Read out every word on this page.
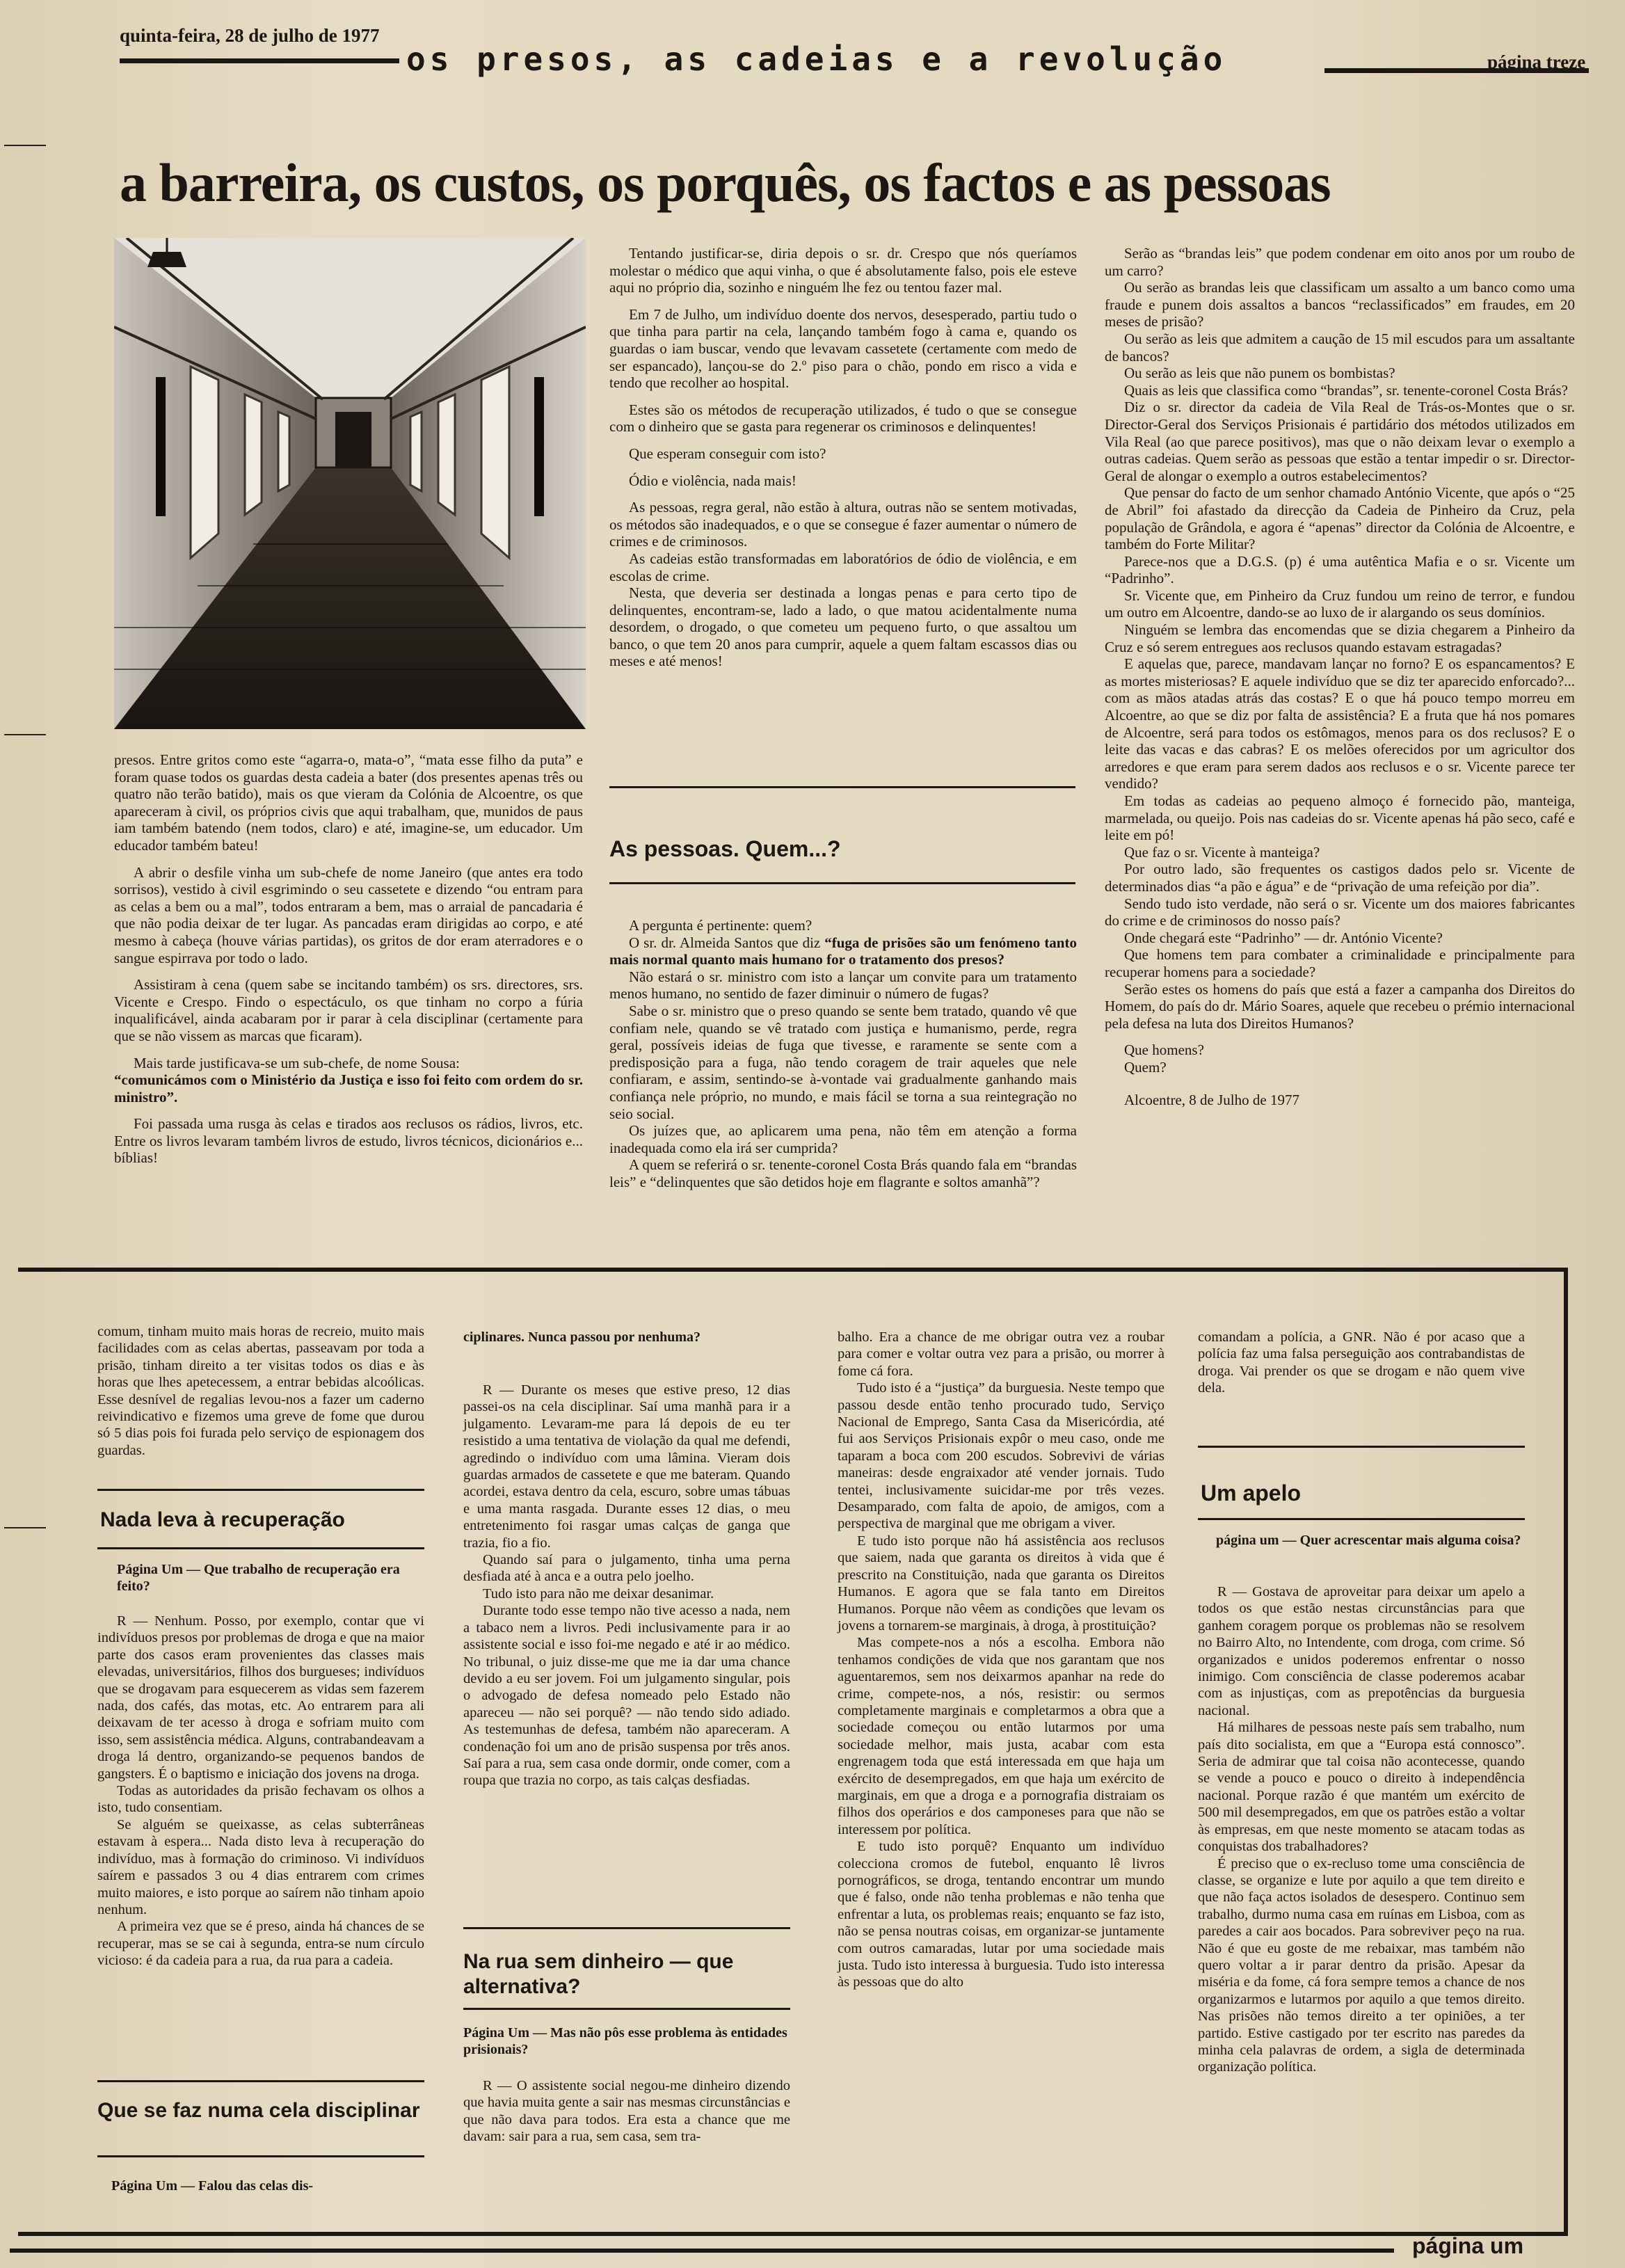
quinta-feira, 28 de julho de 1977
os presos, as cadeias e a revolução	página treze
a barreira, os custos, os porquês, os factos e as pessoas

presos. Entre gritos como este “agarra-o, mata-o”, “mata esse filho da puta” e foram quase todos os guardas desta cadeia a bater (dos presentes apenas três ou quatro não terão batido), mais os que vieram da Colónia de Alcoentre, os que apareceram à civil, os próprios civis que aqui trabalham, que, munidos de paus iam também batendo (nem todos, claro) e até, imagine-se, um educador. Um educador também bateu!

A abrir o desfile vinha um sub-chefe de nome Janeiro (que antes era todo sorrisos), vestido à civil esgrimindo o seu cassetete e dizendo “ou entram para as celas a bem ou a mal”, todos entraram a bem, mas o arraial de pancadaria é que não podia deixar de ter lugar. As pancadas eram dirigidas ao corpo, e até mesmo à cabeça (houve várias partidas), os gritos de dor eram aterradores e o sangue espirrava por todo o lado.

Assistiram à cena (quem sabe se incitando também) os srs. directores, srs. Vicente e Crespo. Findo o espectáculo, os que tinham no corpo a fúria inqualificável, ainda acabaram por ir parar à cela disciplinar (certamente para que se não vissem as marcas que ficaram).

Mais tarde justificava-se um sub-chefe, de nome Sousa:

“comunicámos com o Ministério da Justiça e isso foi feito com ordem do sr. ministro”.

Foi passada uma rusga às celas e tirados aos reclusos os rádios, livros, etc. Entre os livros levaram também livros de estudo, livros técnicos, dicionários e... bíblias!

Tentando justificar-se, diria depois o sr. dr. Crespo que nós queríamos molestar o médico que aqui vinha, o que é absolutamente falso, pois ele esteve aqui no próprio dia, sozinho e ninguém lhe fez ou tentou fazer mal.

Em 7 de Julho, um indivíduo doente dos nervos, desesperado, partiu tudo o que tinha para partir na cela, lançando também fogo à cama e, quando os guardas o iam buscar, vendo que levavam cassetete (certamente com medo de ser espancado), lançou-se do 2.º piso para o chão, pondo em risco a vida e tendo que recolher ao hospital.

Estes são os métodos de recuperação utilizados, é tudo o que se consegue com o dinheiro que se gasta para regenerar os criminosos e delinquentes!

Que esperam conseguir com isto?

Ódio e violência, nada mais!

As pessoas, regra geral, não estão à altura, outras não se sentem motivadas, os métodos são inadequados, e o que se consegue é fazer aumentar o número de crimes e de criminosos.

As cadeias estão transformadas em laboratórios de ódio de violência, e em escolas de crime.

Nesta, que deveria ser destinada a longas penas e para certo tipo de delinquentes, encontram-se, lado a lado, o que matou acidentalmente numa desordem, o drogado, o que cometeu um pequeno furto, o que assaltou um banco, o que tem 20 anos para cumprir, aquele a quem faltam escassos dias ou meses e até menos!

As pessoas. Quem...?

A pergunta é pertinente: quem?

O sr. dr. Almeida Santos que diz “fuga de prisões são um fenómeno tanto mais normal quanto mais humano for o tratamento dos presos?

Não estará o sr. ministro com isto a lançar um convite para um tratamento menos humano, no sentido de fazer diminuir o número de fugas?

Sabe o sr. ministro que o preso quando se sente bem tratado, quando vê que confiam nele, quando se vê tratado com justiça e humanismo, perde, regra geral, possíveis ideias de fuga que tivesse, e raramente se sente com a predisposição para a fuga, não tendo coragem de trair aqueles que nele confiaram, e assim, sentindo-se à-vontade vai gradualmente ganhando mais confiança nele próprio, no mundo, e mais fácil se torna a sua reintegração no seio social.

Os juízes que, ao aplicarem uma pena, não têm em atenção a forma inadequada como ela irá ser cumprida?

A quem se referirá o sr. tenente-coronel Costa Brás quando fala em “brandas leis” e “delinquentes que são detidos hoje em flagrante e soltos amanhã”?

Serão as “brandas leis” que podem condenar em oito anos por um roubo de um carro?

Ou serão as brandas leis que classificam um assalto a um banco como uma fraude e punem dois assaltos a bancos “reclassificados” em fraudes, em 20 meses de prisão?

Ou serão as leis que admitem a caução de 15 mil escudos para um assaltante de bancos?

Ou serão as leis que não punem os bombistas?

Quais as leis que classifica como “brandas”, sr. tenente-coronel Costa Brás?

Diz o sr. director da cadeia de Vila Real de Trás-os-Montes que o sr. Director-Geral dos Serviços Prisionais é partidário dos métodos utilizados em Vila Real (ao que parece positivos), mas que o não deixam levar o exemplo a outras cadeias. Quem serão as pessoas que estão a tentar impedir o sr. Director-Geral de alongar o exemplo a outros estabelecimentos?

Que pensar do facto de um senhor chamado António Vicente, que após o “25 de Abril” foi afastado da direcção da Cadeia de Pinheiro da Cruz, pela população de Grândola, e agora é “apenas” director da Colónia de Alcoentre, e também do Forte Militar?

Parece-nos que a D.G.S. (p) é uma autêntica Mafia e o sr. Vicente um “Padrinho”.

Sr. Vicente que, em Pinheiro da Cruz fundou um reino de terror, e fundou um outro em Alcoentre, dando-se ao luxo de ir alargando os seus domínios.

Ninguém se lembra das encomendas que se dizia chegarem a Pinheiro da Cruz e só serem entregues aos reclusos quando estavam estragadas?

E aquelas que, parece, mandavam lançar no forno? E os espancamentos? E as mortes misteriosas? E aquele indivíduo que se diz ter aparecido enforcado?... com as mãos atadas atrás das costas? E o que há pouco tempo morreu em Alcoentre, ao que se diz por falta de assistência? E a fruta que há nos pomares de Alcoentre, será para todos os estômagos, menos para os dos reclusos? E o leite das vacas e das cabras? E os melões oferecidos por um agricultor dos arredores e que eram para serem dados aos reclusos e o sr. Vicente parece ter vendido?

Em todas as cadeias ao pequeno almoço é fornecido pão, manteiga, marmelada, ou queijo. Pois nas cadeias do sr. Vicente apenas há pão seco, café e leite em pó!

Que faz o sr. Vicente à manteiga?

Por outro lado, são frequentes os castigos dados pelo sr. Vicente de determinados dias “a pão e água” e de “privação de uma refeição por dia”.

Sendo tudo isto verdade, não será o sr. Vicente um dos maiores fabricantes do crime e de criminosos do nosso país?

Onde chegará este “Padrinho” — dr. António Vicente?

Que homens tem para combater a criminalidade e principalmente para recuperar homens para a sociedade?

Serão estes os homens do país que está a fazer a campanha dos Direitos do Homem, do país do dr. Mário Soares, aquele que recebeu o prémio internacional pela defesa na luta dos Direitos Humanos?

Que homens?

Quem?

Alcoentre, 8 de Julho de 1977

comum, tinham muito mais horas de recreio, muito mais facilidades com as celas abertas, passeavam por toda a prisão, tinham direito a ter visitas todos os dias e às horas que lhes apetecessem, a entrar bebidas alcoólicas. Esse desnível de regalias levou-nos a fazer um caderno reivindicativo e fizemos uma greve de fome que durou só 5 dias pois foi furada pelo serviço de espionagem dos guardas.

Nada leva à recuperação
Página Um — Que trabalho de recuperação era feito?

R — Nenhum. Posso, por exemplo, contar que vi indivíduos presos por problemas de droga e que na maior parte dos casos eram provenientes das classes mais elevadas, universitários, filhos dos burgueses; indivíduos que se drogavam para esquecerem as vidas sem fazerem nada, dos cafés, das motas, etc. Ao entrarem para ali deixavam de ter acesso à droga e sofriam muito com isso, sem assistência médica. Alguns, contrabandeavam a droga lá dentro, organizando-se pequenos bandos de gangsters. É o baptismo e iniciação dos jovens na droga.

Todas as autoridades da prisão fechavam os olhos a isto, tudo consentiam.

Se alguém se queixasse, as celas subterrâneas estavam à espera... Nada disto leva à recuperação do indivíduo, mas à formação do criminoso. Vi indivíduos saírem e passados 3 ou 4 dias entrarem com crimes muito maiores, e isto porque ao saírem não tinham apoio nenhum.

A primeira vez que se é preso, ainda há chances de se recuperar, mas se se cai à segunda, entra-se num círculo vicioso: é da cadeia para a rua, da rua para a cadeia.

Que se faz numa cela disciplinar
Página Um — Falou das celas dis-
ciplinares. Nunca passou por nenhuma?

R — Durante os meses que estive preso, 12 dias passei-os na cela disciplinar. Saí uma manhã para ir a julgamento. Levaram-me para lá depois de eu ter resistido a uma tentativa de violação da qual me defendi, agredindo o indivíduo com uma lâmina. Vieram dois guardas armados de cassetete e que me bateram. Quando acordei, estava dentro da cela, escuro, sobre umas tábuas e uma manta rasgada. Durante esses 12 dias, o meu entretenimento foi rasgar umas calças de ganga que trazia, fio a fio.

Quando saí para o julgamento, tinha uma perna desfiada até à anca e a outra pelo joelho.

Tudo isto para não me deixar desanimar.

Durante todo esse tempo não tive acesso a nada, nem a tabaco nem a livros. Pedi inclusivamente para ir ao assistente social e isso foi-me negado e até ir ao médico. No tribunal, o juiz disse-me que me ia dar uma chance devido a eu ser jovem. Foi um julgamento singular, pois o advogado de defesa nomeado pelo Estado não apareceu — não sei porquê? — não tendo sido adiado. As testemunhas de defesa, também não apareceram. A condenação foi um ano de prisão suspensa por três anos. Saí para a rua, sem casa onde dormir, onde comer, com a roupa que trazia no corpo, as tais calças desfiadas.

Na rua sem dinheiro — que alternativa?
Página Um — Mas não pôs esse problema às entidades prisionais?

R — O assistente social negou-me dinheiro dizendo que havia muita gente a sair nas mesmas circunstâncias e que não dava para todos. Era esta a chance que me davam: sair para a rua, sem casa, sem tra-

balho. Era a chance de me obrigar outra vez a roubar para comer e voltar outra vez para a prisão, ou morrer à fome cá fora.

Tudo isto é a “justiça” da burguesia. Neste tempo que passou desde então tenho procurado tudo, Serviço Nacional de Emprego, Santa Casa da Misericórdia, até fui aos Serviços Prisionais expôr o meu caso, onde me taparam a boca com 200 escudos. Sobrevivi de várias maneiras: desde engraixador até vender jornais. Tudo tentei, inclusivamente suicidar-me por três vezes. Desamparado, com falta de apoio, de amigos, com a perspectiva de marginal que me obrigam a viver.

E tudo isto porque não há assistência aos reclusos que saiem, nada que garanta os direitos à vida que é prescrito na Constituição, nada que garanta os Direitos Humanos. E agora que se fala tanto em Direitos Humanos. Porque não vêem as condições que levam os jovens a tornarem-se marginais, à droga, à prostituição?

Mas compete-nos a nós a escolha. Embora não tenhamos condições de vida que nos garantam que nos aguentaremos, sem nos deixarmos apanhar na rede do crime, compete-nos, a nós, resistir: ou sermos completamente marginais e completarmos a obra que a sociedade começou ou então lutarmos por uma sociedade melhor, mais justa, acabar com esta engrenagem toda que está interessada em que haja um exército de desempregados, em que haja um exército de marginais, em que a droga e a pornografia distraiam os filhos dos operários e dos camponeses para que não se interessem por política.

E tudo isto porquê? Enquanto um indivíduo colecciona cromos de futebol, enquanto lê livros pornográficos, se droga, tentando encontrar um mundo que é falso, onde não tenha problemas e não tenha que enfrentar a luta, os problemas reais; enquanto se faz isto, não se pensa noutras coisas, em organizar-se juntamente com outros camaradas, lutar por uma sociedade mais justa. Tudo isto interessa à burguesia. Tudo isto interessa às pessoas que do alto

comandam a polícia, a GNR. Não é por acaso que a polícia faz uma falsa perseguição aos contrabandistas de droga. Vai prender os que se drogam e não quem vive dela.

Um apelo
página um — Quer acrescentar mais alguma coisa?

R — Gostava de aproveitar para deixar um apelo a todos os que estão nestas circunstâncias para que ganhem coragem porque os problemas não se resolvem no Bairro Alto, no Intendente, com droga, com crime. Só organizados e unidos poderemos enfrentar o nosso inimigo. Com consciência de classe poderemos acabar com as injustiças, com as prepotências da burguesia nacional.

Há milhares de pessoas neste país sem trabalho, num país dito socialista, em que a “Europa está connosco”. Seria de admirar que tal coisa não acontecesse, quando se vende a pouco e pouco o direito à independência nacional. Porque razão é que mantém um exército de 500 mil desempregados, em que os patrões estão a voltar às empresas, em que neste momento se atacam todas as conquistas dos trabalhadores?

É preciso que o ex-recluso tome uma consciência de classe, se organize e lute por aquilo a que tem direito e que não faça actos isolados de desespero. Continuo sem trabalho, durmo numa casa em ruínas em Lisboa, com as paredes a cair aos bocados. Para sobreviver peço na rua. Não é que eu goste de me rebaixar, mas também não quero voltar a ir parar dentro da prisão. Apesar da miséria e da fome, cá fora sempre temos a chance de nos organizarmos e lutarmos por aquilo a que temos direito. Nas prisões não temos direito a ter opiniões, a ter partido. Estive castigado por ter escrito nas paredes da minha cela palavras de ordem, a sigla de determinada organização política.

página um
